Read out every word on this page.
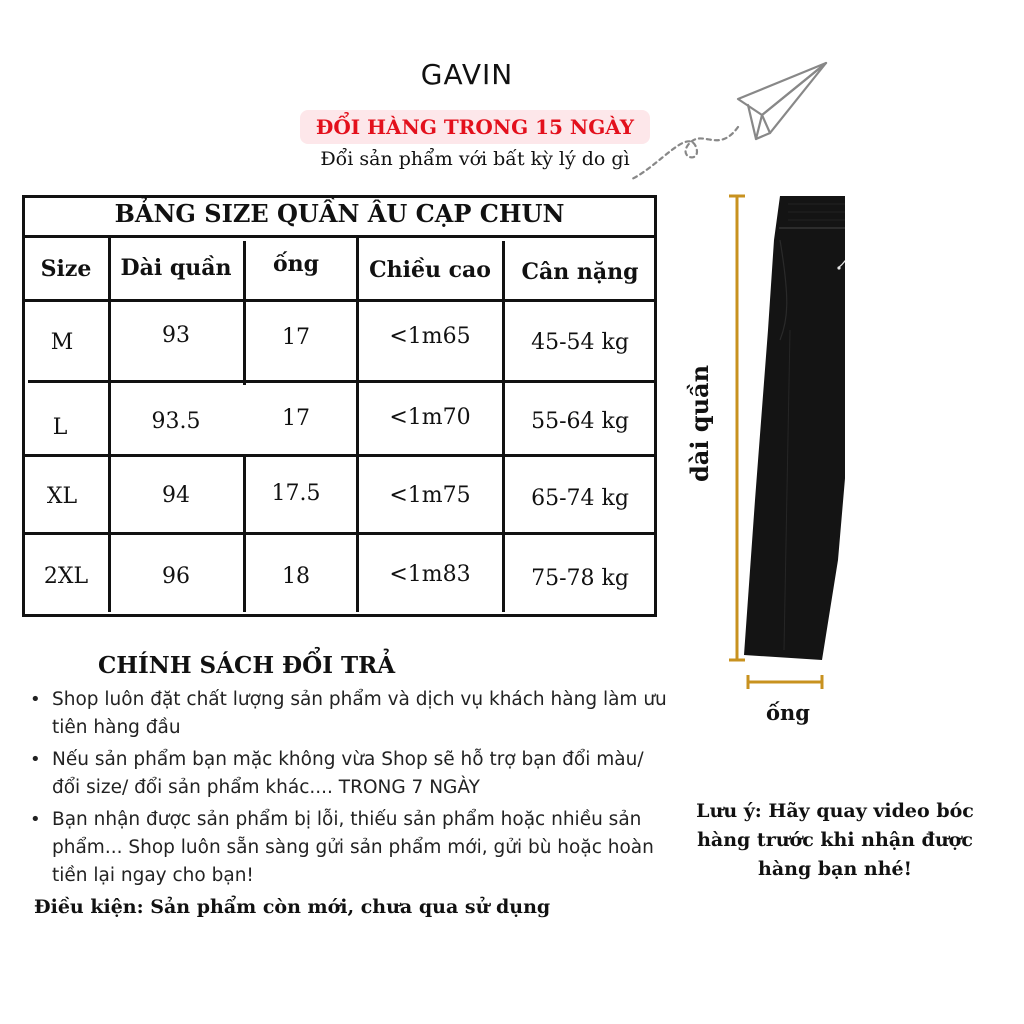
GAVIN
ĐỔI HÀNG TRONG 15 NGÀY
Đổi sản phẩm với bất kỳ lý do gì
BẢNG SIZE QUẦN ÂU CẠP CHUN
Size	Dài quần	ống	Chiều cao	Cân nặng
M	93	17	<1m65	45-54 kg
L	93.5	17	<1m70	55-64 kg
XL	94	17.5	<1m75	65-74 kg
2XL	96	18	<1m83	75-78 kg
CHÍNH SÁCH ĐỔI TRẢ
• Shop luôn đặt chất lượng sản phẩm và dịch vụ khách hàng làm ưu tiên hàng đầu
• Nếu sản phẩm bạn mặc không vừa Shop sẽ hỗ trợ bạn đổi màu/ đổi size/ đổi sản phẩm khác.... TRONG 7 NGÀY
• Bạn nhận được sản phẩm bị lỗi, thiếu sản phẩm hoặc nhiều sản phẩm... Shop luôn sẵn sàng gửi sản phẩm mới, gửi bù hoặc hoàn tiền lại ngay cho bạn!
Điều kiện: Sản phẩm còn mới, chưa qua sử dụng
dài quần
ống
Lưu ý: Hãy quay video bóc hàng trước khi nhận được hàng bạn nhé!
